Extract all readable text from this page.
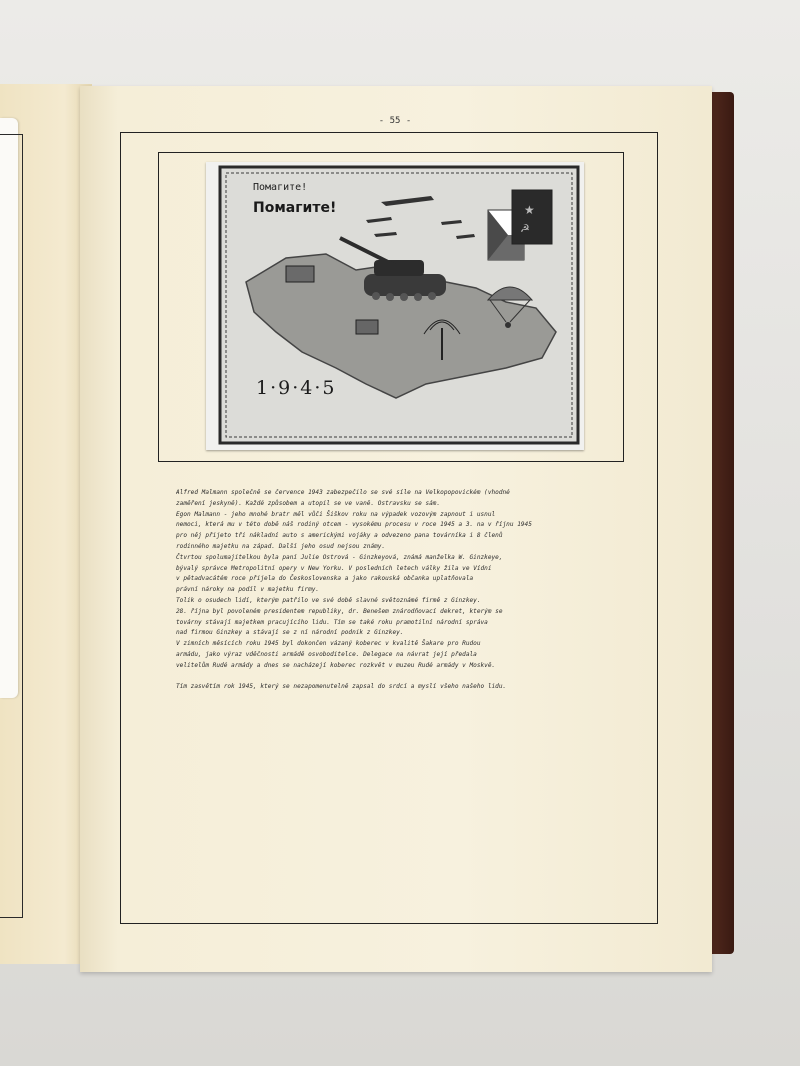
- 55 -
★
☭
Помагите!
Помагите!
1·9·4·5

Alfred Malmann společně se července 1943 zabezpečilo se své síle na Velkopopovickém (vhodné

zaměření jeskyně). Každé způsobem a utopil se ve vaně. Ostravsku se sám.

Egon Malmann - jeho mnohé bratr měl vůči Šiškov roku na výpadek vozovým zapnout i usnul

nemoci, která mu v této době náš rodiný otcem - vysokému procesu v roce 1945 a 3. na v říjnu 1945

pro něj přijeto tři nákladní auto s americkými vojáky a odvezeno pana továrníka i 8 členů

rodinného majetku na západ. Další jeho osud nejsou známy.

Čtvrtou spolumajitelkou byla paní Julie Ostrová - Ginzkeyová, známá manželka W. Ginzkeye,

bývalý správce Metropolitní opery v New Yorku. V posledních letech války žila ve Vídni

v pětadvacátém roce přijela do Československa a jako rakouská občanka uplatňovala

právní nároky na podíl v majetku firmy.

Tolik o osudech lidí, kterým patřilo ve své době slavné světoznámé firmě z Ginzkey.

28. října byl povoleném presidentem republiky, dr. Benešem znárodňovací dekret, kterým se

továrny stávají majetkem pracujícího lidu. Tím se také roku pramotilní národní správa

nad firmou Ginzkey a stávají se z ní národní podnik z Ginzkey.

V zimních měsících roku 1945 byl dokončen vázaný koberec v kvalitě Šakare pro Rudou

armádu, jako výraz vděčnosti armádě osvoboditelce. Delegace na návrat její předala

velitelům Rudé armády a dnes se nacházejí koberec rozkvět v muzeu Rudé armády v Moskvě.

Tím zasvětím rok 1945, který se nezapomenutelně zapsal do srdcí a myslí všeho našeho lidu.
